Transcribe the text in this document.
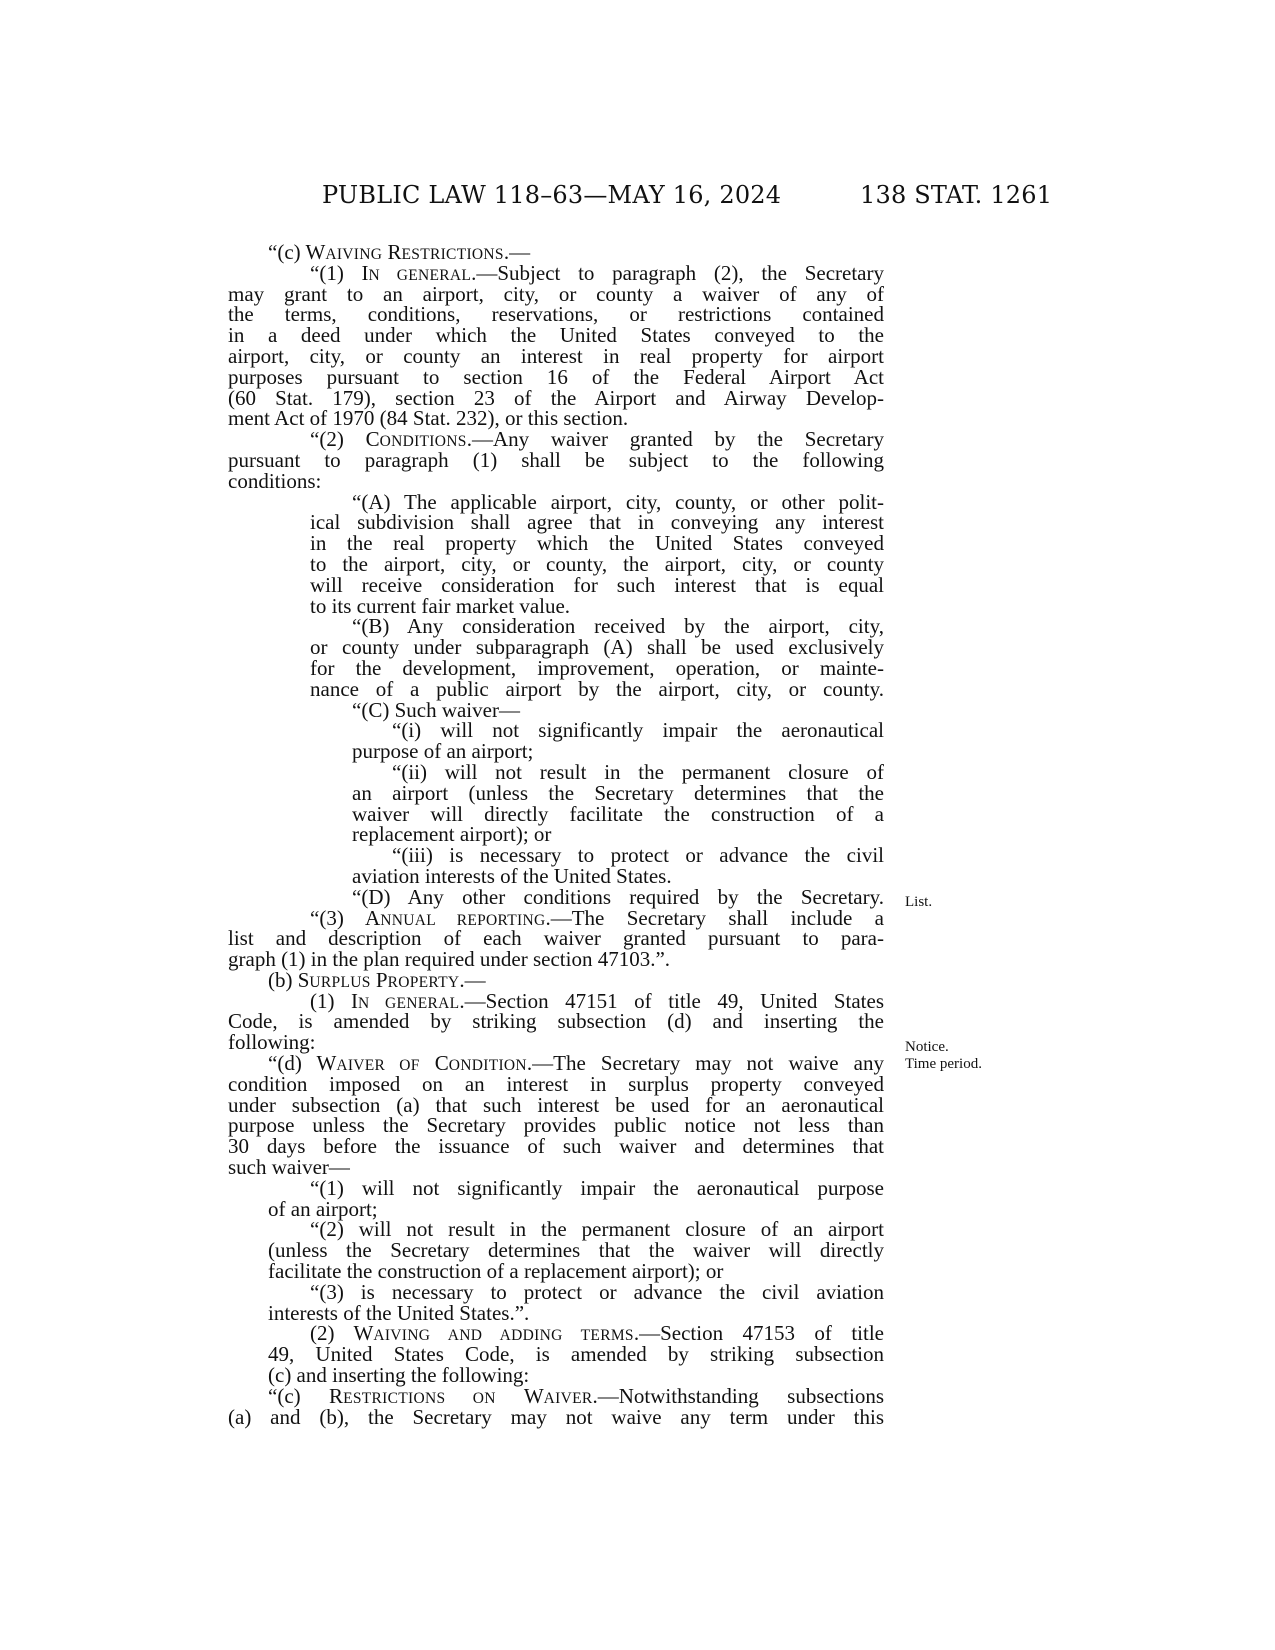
PUBLIC LAW 118–63—MAY 16, 2024	138 STAT. 1261
“(c) WAIVING RESTRICTIONS.—
“(1) IN GENERAL.—Subject to paragraph (2), the Secretary
may grant to an airport, city, or county a waiver of any of
the terms, conditions, reservations, or restrictions contained
in a deed under which the United States conveyed to the
airport, city, or county an interest in real property for airport
purposes pursuant to section 16 of the Federal Airport Act
(60 Stat. 179), section 23 of the Airport and Airway Develop-
ment Act of 1970 (84 Stat. 232), or this section.
“(2) CONDITIONS.—Any waiver granted by the Secretary
pursuant to paragraph (1) shall be subject to the following
conditions:
“(A) The applicable airport, city, county, or other polit-
ical subdivision shall agree that in conveying any interest
in the real property which the United States conveyed
to the airport, city, or county, the airport, city, or county
will receive consideration for such interest that is equal
to its current fair market value.
“(B) Any consideration received by the airport, city,
or county under subparagraph (A) shall be used exclusively
for the development, improvement, operation, or mainte-
nance of a public airport by the airport, city, or county.
“(C) Such waiver—
“(i) will not significantly impair the aeronautical
purpose of an airport;
“(ii) will not result in the permanent closure of
an airport (unless the Secretary determines that the
waiver will directly facilitate the construction of a
replacement airport); or
“(iii) is necessary to protect or advance the civil
aviation interests of the United States.
“(D) Any other conditions required by the Secretary.
“(3) ANNUAL REPORTING.—The Secretary shall include a
list and description of each waiver granted pursuant to para-
graph (1) in the plan required under section 47103.”.
(b) SURPLUS PROPERTY.—
(1) IN GENERAL.—Section 47151 of title 49, United States
Code, is amended by striking subsection (d) and inserting the
following:
“(d) WAIVER OF CONDITION.—The Secretary may not waive any
condition imposed on an interest in surplus property conveyed
under subsection (a) that such interest be used for an aeronautical
purpose unless the Secretary provides public notice not less than
30 days before the issuance of such waiver and determines that
such waiver—
“(1) will not significantly impair the aeronautical purpose
of an airport;
“(2) will not result in the permanent closure of an airport
(unless the Secretary determines that the waiver will directly
facilitate the construction of a replacement airport); or
“(3) is necessary to protect or advance the civil aviation
interests of the United States.”.
(2) WAIVING AND ADDING TERMS.—Section 47153 of title
49, United States Code, is amended by striking subsection
(c) and inserting the following:
“(c) RESTRICTIONS ON WAIVER.—Notwithstanding subsections
(a) and (b), the Secretary may not waive any term under this
List.
Notice.
Time period.
